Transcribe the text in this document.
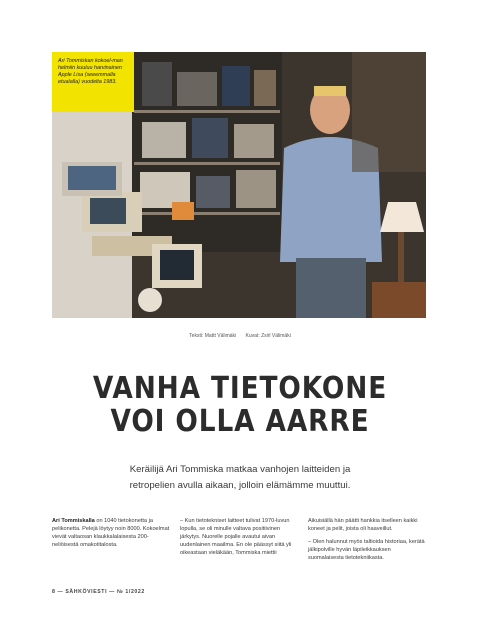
Ari Tommiskan kokoel-man helmiin kuuluu harvinainen Apple Lisa (seeemmalla etualalla) vuodelta 1983.
Teksti: Mattt Välimäki Kuvat: Zsirl Välimäki
VANHA TIETOKONE
VOI OLLA AARRE
Keräilijä Ari Tommiska matkaa vanhojen laitteiden ja retropelien avulla aikaan, jolloin elämämme muuttui.

Ari Tommiskalla on 1040 tietokonetta ja pelikonetta. Pelejä löytyy noin 8000. Kokoelmat vievät valtaosan klaukkalalaisesta 200-neliöisestä omakotitalosta.

– Kun tietotekniset laitteet tulivat 1970-luvun lopulla, se oli minulle valtava positiivinen järkytys. Nuorelle pojalle avautui aivan uudenlainen maailma. En ole päässyt siitä yli oikeastaan vieläkään, Tommiska miettii

Aikuisiällä hän päätti hankkia itselleen kaikki koneet ja pelit, joista oli haaveillut.

– Olen halunnut myös taltioida historiaa, kerätä jälkipolville hyvän läpileikkauksen suomalaisesta tietotekniikasta.

8 — SÄHKÖVIESTI — № 1/2022
